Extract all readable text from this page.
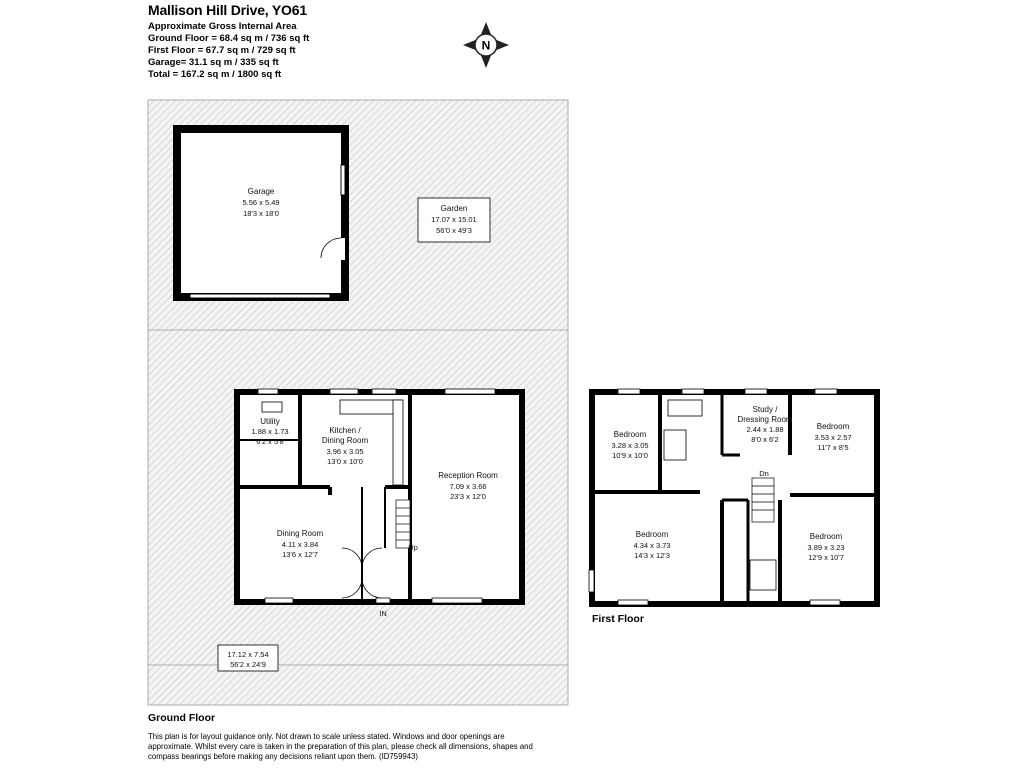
Mallison Hill Drive, YO61
Approximate Gross Internal Area
Ground Floor = 68.4 sq m / 736 sq ft
First Floor = 67.7 sq m / 729 sq ft
Garage= 31.1 sq m / 335 sq ft
Total = 167.2 sq m / 1800 sq ft
N
Garage
5.56 x 5.49
18'3 x 18'0
Garden
17.07 x 15.01
56'0 x 49'3
17.12 x 7.54
56'2 x 24'9
Utility
1.88 x 1.73
6'2 x 5'8
Kitchen /
Dining Room
3.96 x 3.05
13'0 x 10'0
Reception Room
7.09 x 3.66
23'3 x 12'0
Dining Room
4.11 x 3.84
13'6 x 12'7
Up
IN
Bedroom
3.28 x 3.05
10'9 x 10'0
Study /
Dressing Room
2.44 x 1.88
8'0 x 6'2
Bedroom
3.53 x 2.57
11'7 x 8'5
Bedroom
4.34 x 3.73
14'3 x 12'3
Bedroom
3.89 x 3.23
12'9 x 10'7
Dn
Ground Floor
First Floor
This plan is for layout guidance only. Not drawn to scale unless stated. Windows and door openings are approximate. Whilst every care is taken in the preparation of this plan, please check all dimensions, shapes and compass bearings before making any decisions reliant upon them. (ID759943)
